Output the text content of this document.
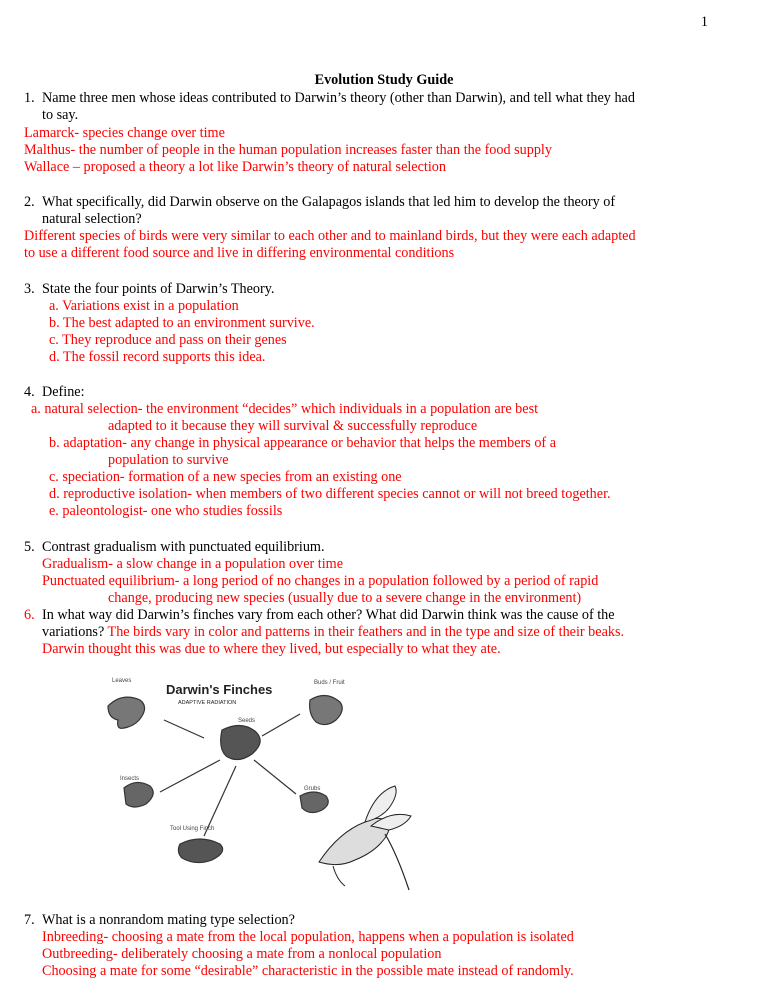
1
Evolution Study Guide
1. Name three men whose ideas contributed to Darwin’s theory (other than Darwin), and tell what they had
to say.
Lamarck- species change over time
Malthus- the number of people in the human population increases faster than the food supply
Wallace – proposed a theory a lot like Darwin’s theory of natural selection
2. What specifically, did Darwin observe on the Galapagos islands that led him to develop the theory of
natural selection?
Different species of birds were very similar to each other and to mainland birds, but they were each adapted
to use a different food source and live in differing environmental conditions
3. State the four points of Darwin’s Theory.
a. Variations exist in a population
b. The best adapted to an environment survive.
c. They reproduce and pass on their genes
d. The fossil record supports this idea.
4. Define:
a. natural selection- the environment “decides” which individuals in a population are best
adapted to it because they will survival & successfully reproduce
b. adaptation- any change in physical appearance or behavior that helps the members of a
population to survive
c. speciation- formation of a new species from an existing one
d. reproductive isolation- when members of two different species cannot or will not breed together.
e. paleontologist- one who studies fossils
5. Contrast gradualism with punctuated equilibrium.
Gradualism- a slow change in a population over time
Punctuated equilibrium- a long period of no changes in a population followed by a period of rapid
change, producing new species (usually due to a severe change in the environment)
6. In what way did Darwin’s finches vary from each other? What did Darwin think was the cause of the
variations? The birds vary in color and patterns in their feathers and in the type and size of their beaks.
Darwin thought this was due to where they lived, but especially to what they ate.
Darwin's Finches
ADAPTIVE RADIATION
Leaves
Seeds
Buds / Fruit
Insects
Grubs
Tool Using Finch
7. What is a nonrandom mating type selection?
Inbreeding- choosing a mate from the local population, happens when a population is isolated
Outbreeding- deliberately choosing a mate from a nonlocal population
Choosing a mate for some “desirable” characteristic in the possible mate instead of randomly.
